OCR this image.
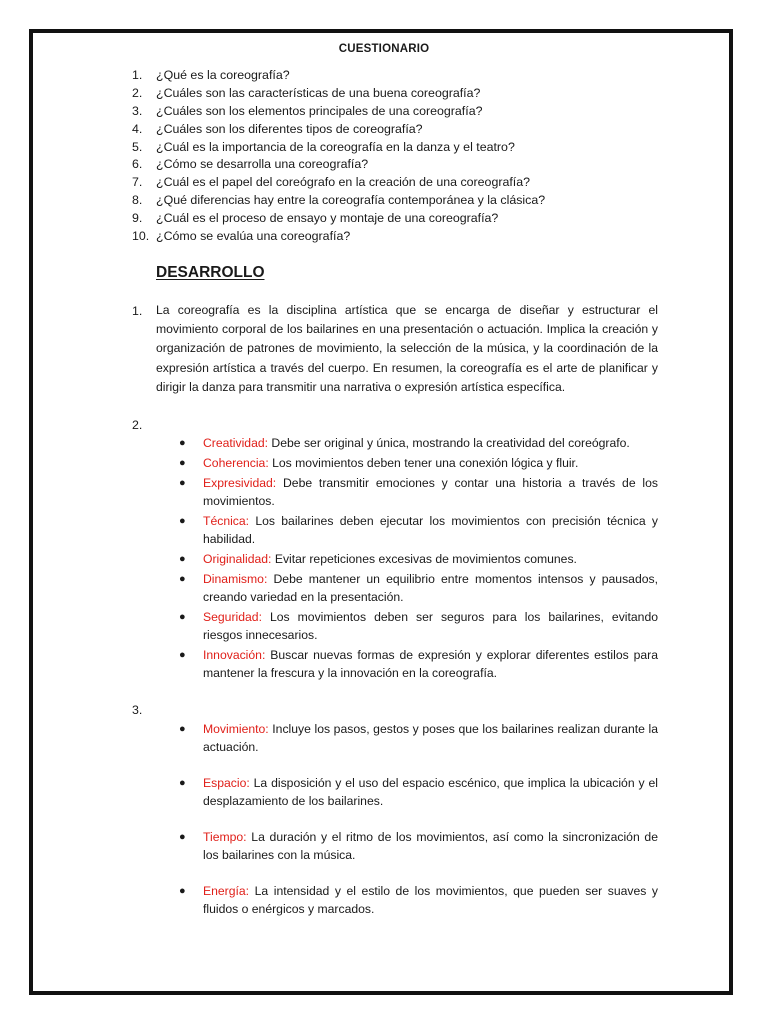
CUESTIONARIO
1.	¿Qué es la coreografía?
2.	¿Cuáles son las características de una buena coreografía?
3.	¿Cuáles son los elementos principales de una coreografía?
4.	¿Cuáles son los diferentes tipos de coreografía?
5.	¿Cuál es la importancia de la coreografía en la danza y el teatro?
6.	¿Cómo se desarrolla una coreografía?
7.	¿Cuál es el papel del coreógrafo en la creación de una coreografía?
8.	¿Qué diferencias hay entre la coreografía contemporánea y la clásica?
9.	¿Cuál es el proceso de ensayo y montaje de una coreografía?
10. ¿Cómo se evalúa una coreografía?
DESARROLLO
1. La coreografía es la disciplina artística que se encarga de diseñar y estructurar el movimiento corporal de los bailarines en una presentación o actuación. Implica la creación y organización de patrones de movimiento, la selección de la música, y la coordinación de la expresión artística a través del cuerpo. En resumen, la coreografía es el arte de planificar y dirigir la danza para transmitir una narrativa o expresión artística específica.
2.
●	Creatividad: Debe ser original y única, mostrando la creatividad del coreógrafo.
●	Coherencia: Los movimientos deben tener una conexión lógica y fluir.
●	Expresividad: Debe transmitir emociones y contar una historia a través de los movimientos.
●	Técnica: Los bailarines deben ejecutar los movimientos con precisión técnica y habilidad.
●	Originalidad: Evitar repeticiones excesivas de movimientos comunes.
●	Dinamismo: Debe mantener un equilibrio entre momentos intensos y pausados, creando variedad en la presentación.
●	Seguridad: Los movimientos deben ser seguros para los bailarines, evitando riesgos innecesarios.
●	Innovación: Buscar nuevas formas de expresión y explorar diferentes estilos para mantener la frescura y la innovación en la coreografía.
3.
●	Movimiento: Incluye los pasos, gestos y poses que los bailarines realizan durante la actuación.
●	Espacio: La disposición y el uso del espacio escénico, que implica la ubicación y el desplazamiento de los bailarines.
●	Tiempo: La duración y el ritmo de los movimientos, así como la sincronización de los bailarines con la música.
●	Energía: La intensidad y el estilo de los movimientos, que pueden ser suaves y fluidos o enérgicos y marcados.
